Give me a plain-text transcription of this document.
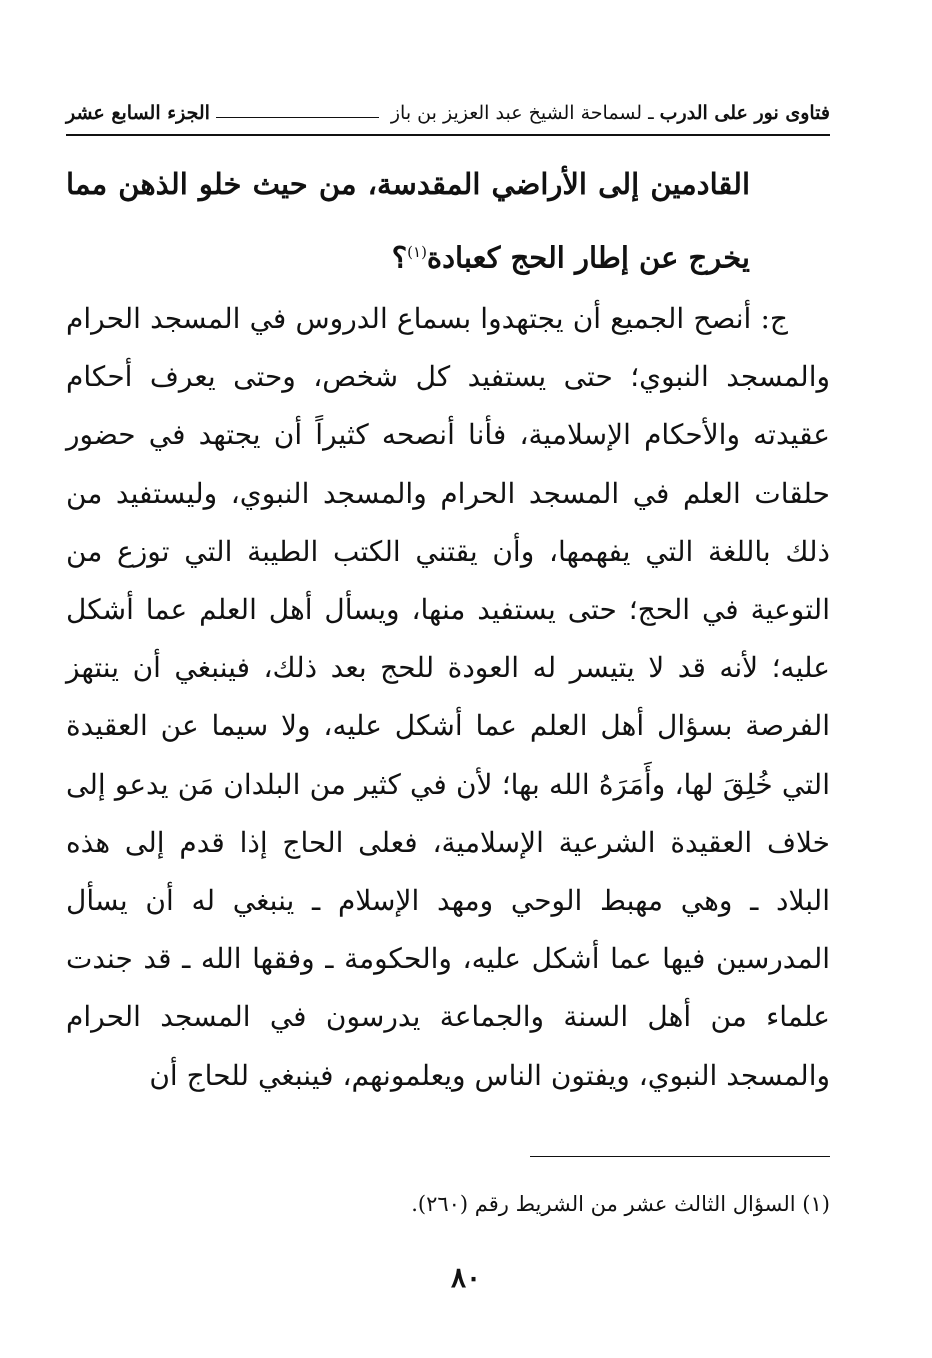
فتاوى نور على الدرب
ـ
لسماحة الشيخ عبد العزيز بن باز
الجزء السابع عشر
القادمين إلى الأراضي المقدسة، من حيث خلو الذهن مما يخرج عن إطار الحج كعبادة$^{(١)}$؟
ج: أنصح الجميع أن يجتهدوا بسماع الدروس في المسجد الحرام والمسجد النبوي؛ حتى يستفيد كل شخص، وحتى يعرف أحكام عقيدته والأحكام الإسلامية، فأنا أنصحه كثيراً أن يجتهد في حضور حلقات العلم في المسجد الحرام والمسجد النبوي، وليستفيد من ذلك باللغة التي يفهمها، وأن يقتني الكتب الطيبة التي توزع من التوعية في الحج؛ حتى يستفيد منها، ويسأل أهل العلم عما أشكل عليه؛ لأنه قد لا يتيسر له العودة للحج بعد ذلك، فينبغي أن ينتهز الفرصة بسؤال أهل العلم عما أشكل عليه، ولا سيما عن العقيدة التي خُلِقَ لها، وأَمَرَهُ الله بها؛ لأن في كثير من البلدان مَن يدعو إلى خلاف العقيدة الشرعية الإسلامية، فعلى الحاج إذا قدم إلى هذه البلاد ـ وهي مهبط الوحي ومهد الإسلام ـ ينبغي له أن يسأل المدرسين فيها عما أشكل عليه، والحكومة ـ وفقها الله ـ قد جندت علماء من أهل السنة والجماعة يدرسون في المسجد الحرام والمسجد النبوي، ويفتون الناس ويعلمونهم، فينبغي للحاج أن
(١) السؤال الثالث عشر من الشريط رقم (٢٦٠).
٨٠
